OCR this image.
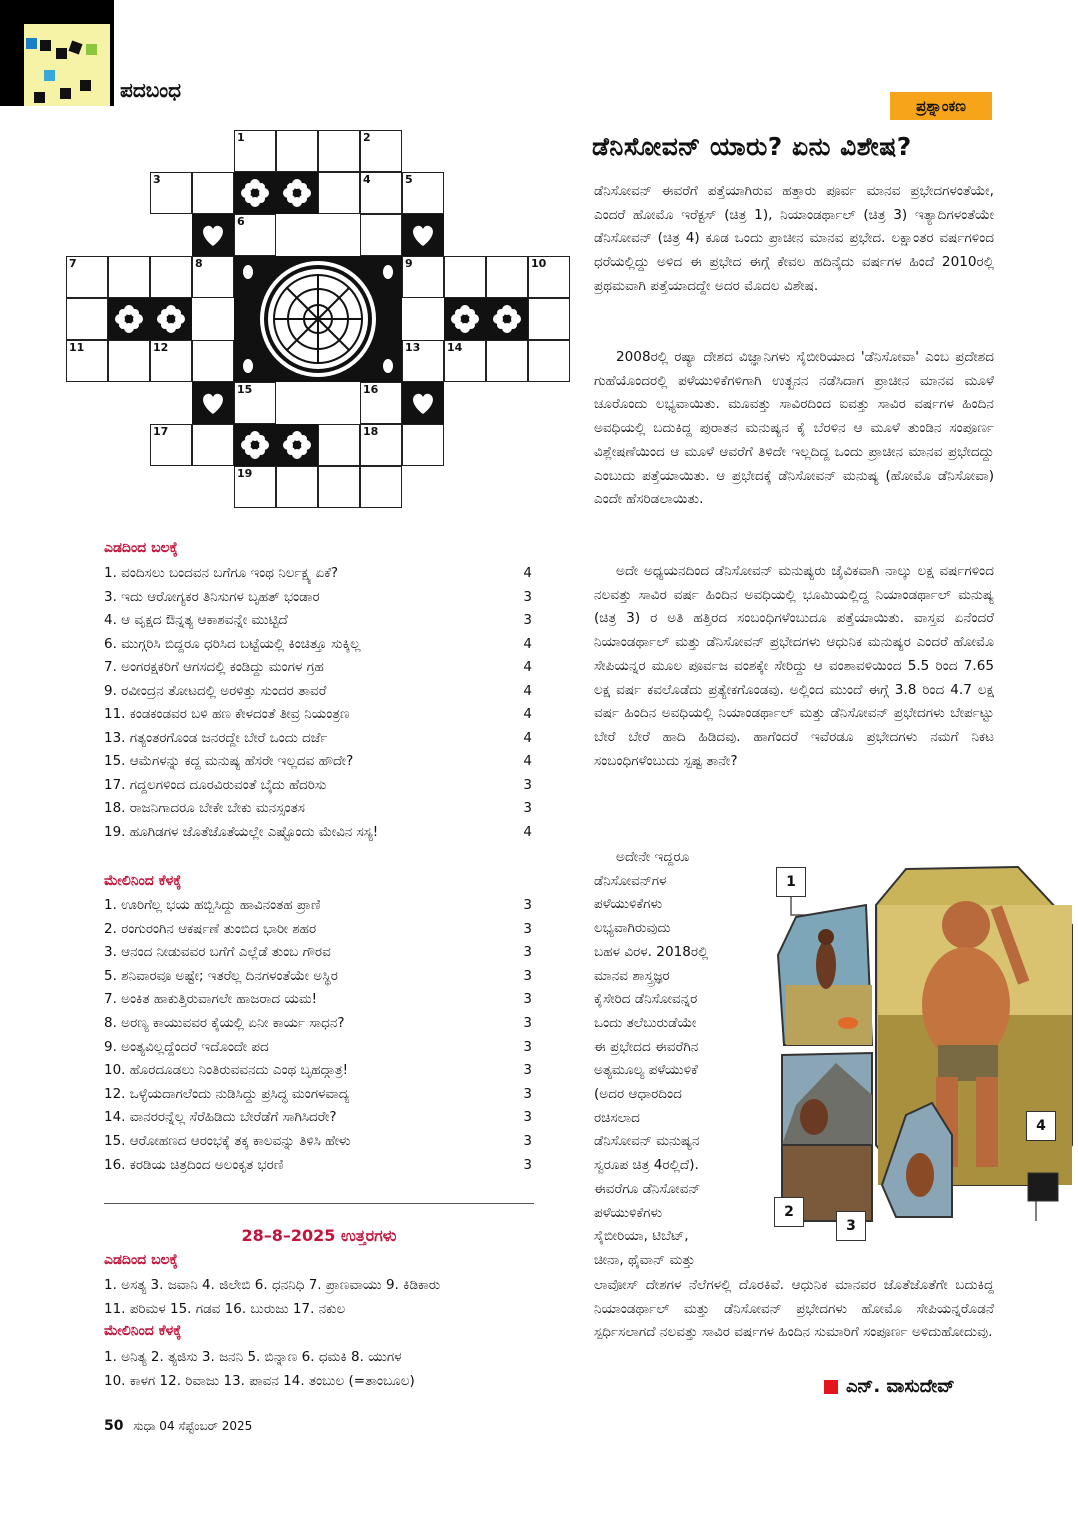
ಪದಬಂಧ
ಪ್ರಶ್ನಾಂಕಣ
ಡೆನಿಸೋವನ್ ಯಾರು? ಏನು ವಿಶೇಷ?
1	2
3	4	5
6
7	8	9	10
11	12	13 14
15	16
17	18
19
ಎಡದಿಂದ ಬಲಕ್ಕೆ
1. ವಂದಿಸಲು ಬಂದವನ ಬಗೆಗೂ ಇಂಥ ನಿರ್ಲಕ್ಷ್ಯ ಏಕೆ?	4
3. ಇದು ಆರೋಗ್ಯಕರ ತಿನಿಸುಗಳ ಬೃಹತ್ ಭಂಡಾರ	3
4. ಆ ವೃಕ್ಷದ ಔನ್ನತ್ಯ ಆಕಾಶವನ್ನೇ ಮುಟ್ಟಿದೆ	3
6. ಮುಗ್ಗರಿಸಿ ಬಿದ್ದರೂ ಧರಿಸಿದ ಬಟ್ಟೆಯಲ್ಲಿ ಕಿಂಚಿತ್ತೂ ಸುಕ್ಕಿಲ್ಲ	4
7. ಅಂಗರಕ್ಷಕರಿಗೆ ಆಗಸದಲ್ಲಿ ಕಂಡಿದ್ದು ಮಂಗಳ ಗ್ರಹ	4
9. ರವೀಂದ್ರನ ತೋಟದಲ್ಲಿ ಅರಳಿತ್ತು ಸುಂದರ ತಾವರೆ	4
11. ಕಂಡಕಂಡವರ ಬಳಿ ಹಣ ಕೇಳದಂತೆ ತೀವ್ರ ನಿಯಂತ್ರಣ	4
13. ಗತ್ಯಂತರಗೊಂಡ ಜನರದ್ದೇ ಬೇರೆ ಒಂದು ದರ್ಜೆ	4
15. ಆಮೆಗಳನ್ನು ಕದ್ದ ಮನುಷ್ಯ ಹೆಸರೇ ಇಲ್ಲದವ ಹೌದೇ?	4
17. ಗದ್ದಲಗಳಿಂದ ದೂರವಿರುವಂತೆ ಬೈದು ಹೆದರಿಸು	3
18. ರಾಜನಿಗಾದರೂ ಬೇಕೇ ಬೇಕು ಮನಸ್ಸಂತಸ	3
19. ಹೂಗಿಡಗಳ ಜೊತೆಜೊತೆಯಲ್ಲೇ ಎಷ್ಟೊಂದು ಮೇವಿನ ಸಸ್ಯ!	4
ಮೇಲಿನಿಂದ ಕೆಳಕ್ಕೆ
1. ಊರಿಗೆಲ್ಲ ಭಯ ಹಬ್ಬಿಸಿದ್ದು ಹಾವಿನಂತಹ ಪ್ರಾಣಿ	3
2. ರಂಗುರಂಗಿನ ಆಕರ್ಷಣೆ ತುಂಬಿದ ಭಾರೀ ಶಹರ	3
3. ಆನಂದ ನೀಡುವವರ ಬಗೆಗೆ ಎಲ್ಲೆಡೆ ತುಂಬ ಗೌರವ	3
5. ಶನಿವಾರವೂ ಅಷ್ಟೇ; ಇತರೆಲ್ಲ ದಿನಗಳಂತೆಯೇ ಅಸ್ಥಿರ	3
7. ಅಂಕಿತ ಹಾಕುತ್ತಿರುವಾಗಲೇ ಹಾಜರಾದ ಯಮ!	3
8. ಅರಣ್ಯ ಕಾಯುವವರ ಕೈಯಲ್ಲಿ ಏನೀ ಕಾರ್ಯ ಸಾಧನ?	3
9. ಅಂತ್ಯವಿಲ್ಲದ್ದೆಂದರೆ ಇದೊಂದೇ ಪದ	3
10. ಹೊರದೂಡಲು ನಿಂತಿರುವವನದು ಎಂಥ ಬೃಹದ್ಗಾತ್ರ!	3
12. ಒಳ್ಳೆಯದಾಗಲೆಂದು ನುಡಿಸಿದ್ದು ಪ್ರಸಿದ್ಧ ಮಂಗಳವಾದ್ಯ	3
14. ವಾನರರನ್ನೆಲ್ಲ ಸೆರೆಹಿಡಿದು ಬೇರೆಡೆಗೆ ಸಾಗಿಸಿದರೇ?	3
15. ಆರೋಹಣದ ಆರಂಭಕ್ಕೆ ತಕ್ಕ ಕಾಲವನ್ನು ತಿಳಿಸಿ ಹೇಳು	3
16. ಕರಡಿಯ ಚಿತ್ರದಿಂದ ಅಲಂಕೃತ ಭರಣಿ	3
28–8–2025 ಉತ್ತರಗಳು
ಎಡದಿಂದ ಬಲಕ್ಕೆ
1. ಅಸತ್ಯ 3. ಜವಾನಿ 4. ಜಿಲೇಬಿ 6. ಧನನಿಧಿ 7. ಪ್ರಾಣವಾಯು 9. ಕಿಡಿಕಾರು
11. ಪರಿಮಳ 15. ಗಡವ 16. ಬುರುಜು 17. ನಕುಲ
ಮೇಲಿನಿಂದ ಕೆಳಕ್ಕೆ
1. ಅನಿತ್ಯ 2. ತ್ಯಜಿಸು 3. ಜನನಿ 5. ಬಿನ್ನಾಣ 6. ಧಮಕಿ 8. ಯುಗಳ
10. ಕಾಳಗ 12. ರಿವಾಜು 13. ಪಾವನ 14. ತಂಬುಲ (=ತಾಂಬೂಲ)
50 ಸುಧಾ 04 ಸೆಪ್ಟೆಂಬರ್ 2025
ಡೆನಿಸೋವನ್ ಈವರೆಗೆ ಪತ್ತೆಯಾಗಿರುವ ಹತ್ತಾರು ಪೂರ್ವ ಮಾನವ ಪ್ರಭೇದಗಳಂತೆಯೇ, ಎಂದರೆ ಹೋಮೊ ಇರೆಕ್ಟಸ್ (ಚಿತ್ರ 1), ನಿಯಾಂಡರ್ಥಾಲ್ (ಚಿತ್ರ 3) ಇತ್ಯಾದಿಗಳಂತೆಯೇ ಡೆನಿಸೋವನ್ (ಚಿತ್ರ 4) ಕೂಡ ಒಂದು ಪ್ರಾಚೀನ ಮಾನವ ಪ್ರಭೇದ. ಲಕ್ಷಾಂತರ ವರ್ಷಗಳಿಂದ ಧರೆಯಲ್ಲಿದ್ದು ಅಳಿದ ಈ ಪ್ರಭೇದ ಈಗ್ಗೆ ಕೇವಲ ಹದಿನೈದು ವರ್ಷಗಳ ಹಿಂದೆ 2010ರಲ್ಲಿ ಪ್ರಥಮವಾಗಿ ಪತ್ತೆಯಾದದ್ದೇ ಅದರ ಮೊದಲ ವಿಶೇಷ.
2008ರಲ್ಲಿ ರಷ್ಯಾ ದೇಶದ ವಿಜ್ಞಾನಿಗಳು ಸೈಬೀರಿಯಾದ 'ಡೆನಿಸೋವಾ' ಎಂಬ ಪ್ರದೇಶದ ಗುಹೆಯೊಂದರಲ್ಲಿ ಪಳೆಯುಳಿಕೆಗಳಿಗಾಗಿ ಉತ್ಖನನ ನಡೆಸಿದಾಗ ಪ್ರಾಚೀನ ಮಾನವ ಮೂಳೆ ಚೂರೊಂದು ಲಭ್ಯವಾಯಿತು. ಮೂವತ್ತು ಸಾವಿರದಿಂದ ಐವತ್ತು ಸಾವಿರ ವರ್ಷಗಳ ಹಿಂದಿನ ಅವಧಿಯಲ್ಲಿ ಬದುಕಿದ್ದ ಪುರಾತನ ಮನುಷ್ಯನ ಕೈ ಬೆರಳಿನ ಆ ಮೂಳೆ ತುಂಡಿನ ಸಂಪೂರ್ಣ ವಿಶ್ಲೇಷಣೆಯಿಂದ ಆ ಮೂಳೆ ಆವರೆಗೆ ತಿಳಿದೇ ಇಲ್ಲದಿದ್ದ ಒಂದು ಪ್ರಾಚೀನ ಮಾನವ ಪ್ರಭೇದದ್ದು ಎಂಬುದು ಪತ್ತೆಯಾಯಿತು. ಆ ಪ್ರಭೇದಕ್ಕೆ ಡೆನಿಸೋವನ್ ಮನುಷ್ಯ (ಹೋಮೊ ಡೆನಿಸೋವಾ) ಎಂದೇ ಹೆಸರಿಡಲಾಯಿತು.
ಅದೇ ಅಧ್ಯಯನದಿಂದ ಡೆನಿಸೋವನ್ ಮನುಷ್ಯರು ಜೈವಿಕವಾಗಿ ನಾಲ್ಕು ಲಕ್ಷ ವರ್ಷಗಳಿಂದ ನಲವತ್ತು ಸಾವಿರ ವರ್ಷ ಹಿಂದಿನ ಅವಧಿಯಲ್ಲಿ ಭೂಮಿಯಲ್ಲಿದ್ದ ನಿಯಾಂಡರ್ಥಾಲ್ ಮನುಷ್ಯ (ಚಿತ್ರ 3) ರ ಅತಿ ಹತ್ತಿರದ ಸಂಬಂಧಿಗಳೆಂಬುದೂ ಪತ್ತೆಯಾಯಿತು. ವಾಸ್ತವ ಏನೆಂದರೆ ನಿಯಾಂಡರ್ಥಾಲ್ ಮತ್ತು ಡೆನಿಸೋವನ್ ಪ್ರಭೇದಗಳು ಆಧುನಿಕ ಮನುಷ್ಯರ ಎಂದರೆ ಹೋಮೊ ಸೇಪಿಯನ್ನರ ಮೂಲ ಪೂರ್ವಜ ವಂಶಕ್ಕೇ ಸೇರಿದ್ದು ಆ ವಂಶಾವಳಿಯಿಂದ 5.5 ರಿಂದ 7.65 ಲಕ್ಷ ವರ್ಷ ಕವಲೊಡೆದು ಪ್ರತ್ಯೇಕಗೊಂಡವು. ಅಲ್ಲಿಂದ ಮುಂದೆ ಈಗ್ಗೆ 3.8 ರಿಂದ 4.7 ಲಕ್ಷ ವರ್ಷ ಹಿಂದಿನ ಅವಧಿಯಲ್ಲಿ ನಿಯಾಂಡರ್ಥಾಲ್ ಮತ್ತು ಡೆನಿಸೋವನ್ ಪ್ರಭೇದಗಳು ಬೇರ್ಪಟ್ಟು ಬೇರೆ ಬೇರೆ ಹಾದಿ ಹಿಡಿದವು. ಹಾಗೆಂದರೆ ಇವೆರಡೂ ಪ್ರಭೇದಗಳು ನಮಗೆ ನಿಕಟ ಸಂಬಂಧಿಗಳೆಂಬುದು ಸ್ಪಷ್ಟ ತಾನೇ?
ಅದೇನೇ ಇದ್ದರೂ
ಡೆನಿಸೋವನ್‌ಗಳ
ಪಳೆಯುಳಿಕೆಗಳು
ಲಭ್ಯವಾಗಿರುವುದು
ಬಹಳ ವಿರಳ. 2018ರಲ್ಲಿ
ಮಾನವ ಶಾಸ್ತ್ರಜ್ಞರ
ಕೈಸೇರಿದ ಡೆನಿಸೋವನ್ನರ
ಒಂದು ತಲೆಬುರುಡೆಯೇ
ಈ ಪ್ರಭೇದದ ಈವರೆಗಿನ
ಅತ್ಯಮೂಲ್ಯ ಪಳೆಯುಳಿಕೆ
(ಅದರ ಆಧಾರದಿಂದ
ರಚಿಸಲಾದ
ಡೆನಿಸೋವನ್ ಮನುಷ್ಯನ
ಸ್ವರೂಪ ಚಿತ್ರ 4ರಲ್ಲಿದೆ).
ಈವರೆಗೂ ಡೆನಿಸೋವನ್
ಪಳೆಯುಳಿಕೆಗಳು
ಸೈಬೀರಿಯಾ, ಟಿಬೆಟ್,
ಚೀನಾ, ಥೈವಾನ್ ಮತ್ತು
ಲಾವೋಸ್ ದೇಶಗಳ ನೆಲೆಗಳಲ್ಲಿ ದೊರಕಿವೆ. ಆಧುನಿಕ ಮಾನವರ ಜೊತೆಜೊತೆಗೇ ಬದುಕಿದ್ದ ನಿಯಾಂಡರ್ಥಾಲ್ ಮತ್ತು ಡೆನಿಸೋವನ್ ಪ್ರಭೇದಗಳು ಹೋಮೊ ಸೇಪಿಯನ್ನರೊಡನೆ ಸ್ಪರ್ಧಿಸಲಾಗದೆ ನಲವತ್ತು ಸಾವಿರ ವರ್ಷಗಳ ಹಿಂದಿನ ಸುಮಾರಿಗೆ ಸಂಪೂರ್ಣ ಅಳಿದುಹೋದುವು.
ಎನ್. ವಾಸುದೇವ್
1
2
3
4
